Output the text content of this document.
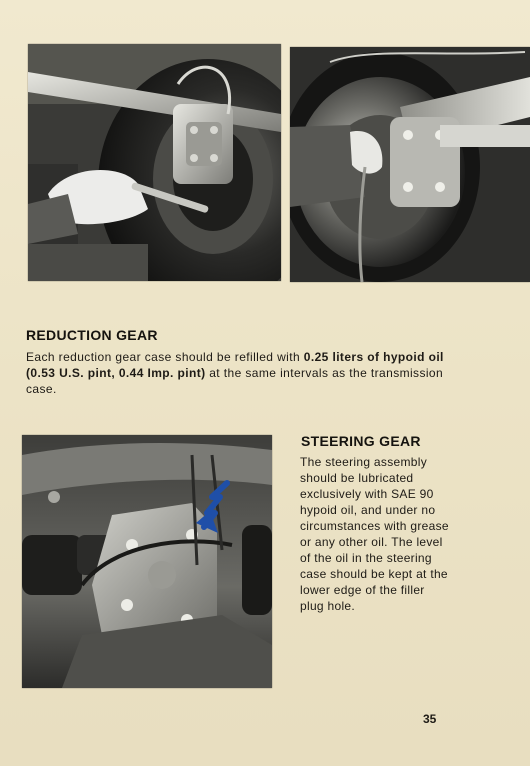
REDUCTION GEAR

Each reduction gear case should be refilled with 0.25 liters of hypoid oil (0.53 U.S. pint, 0.44 Imp. pint) at the same intervals as the transmission case.

STEERING GEAR

The steering assembly should be lubricated exclusively with SAE 90 hypoid oil, and under no circumstances with grease or any other oil. The level of the oil in the steering case should be kept at the lower edge of the filler plug hole.

35
